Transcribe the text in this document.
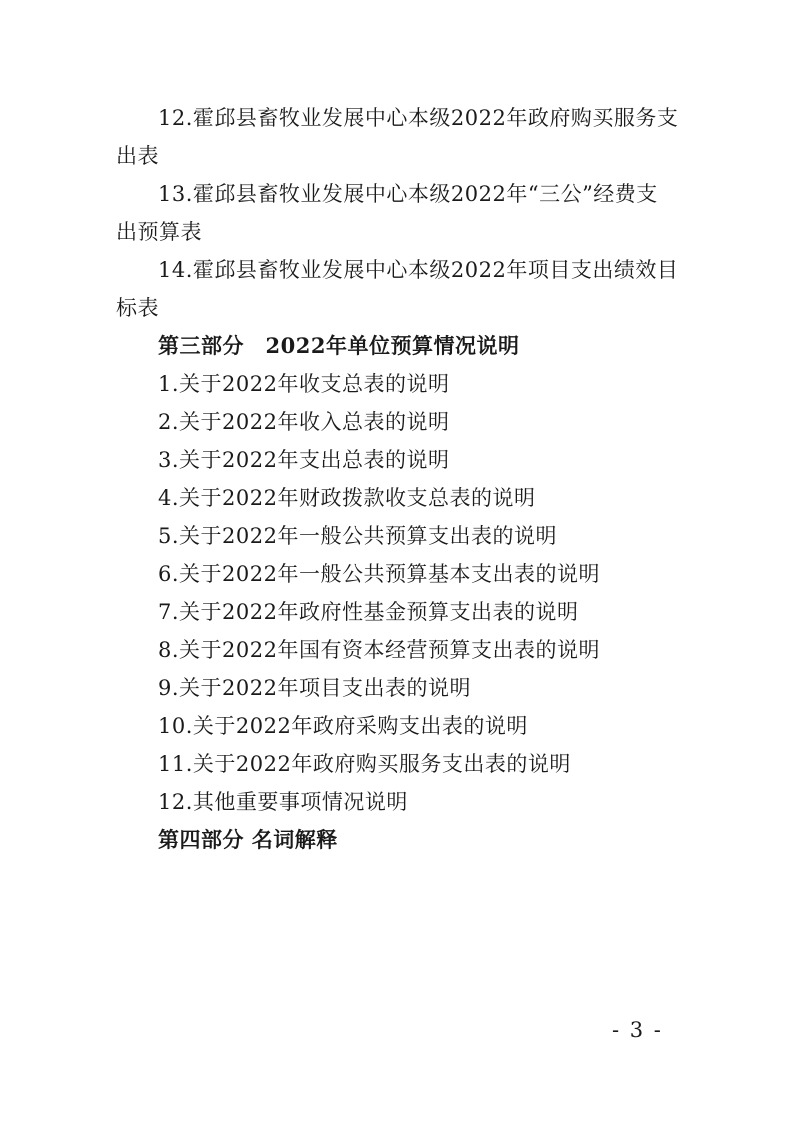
12.霍邱县畜牧业发展中心本级2022年政府购买服务支
出表
13.霍邱县畜牧业发展中心本级2022年“三公”经费支
出预算表
14.霍邱县畜牧业发展中心本级2022年项目支出绩效目
标表
第三部分　2022年单位预算情况说明
1.关于2022年收支总表的说明
2.关于2022年收入总表的说明
3.关于2022年支出总表的说明
4.关于2022年财政拨款收支总表的说明
5.关于2022年一般公共预算支出表的说明
6.关于2022年一般公共预算基本支出表的说明
7.关于2022年政府性基金预算支出表的说明
8.关于2022年国有资本经营预算支出表的说明
9.关于2022年项目支出表的说明
10.关于2022年政府采购支出表的说明
11.关于2022年政府购买服务支出表的说明
12.其他重要事项情况说明
第四部分 名词解释
- 3 -
